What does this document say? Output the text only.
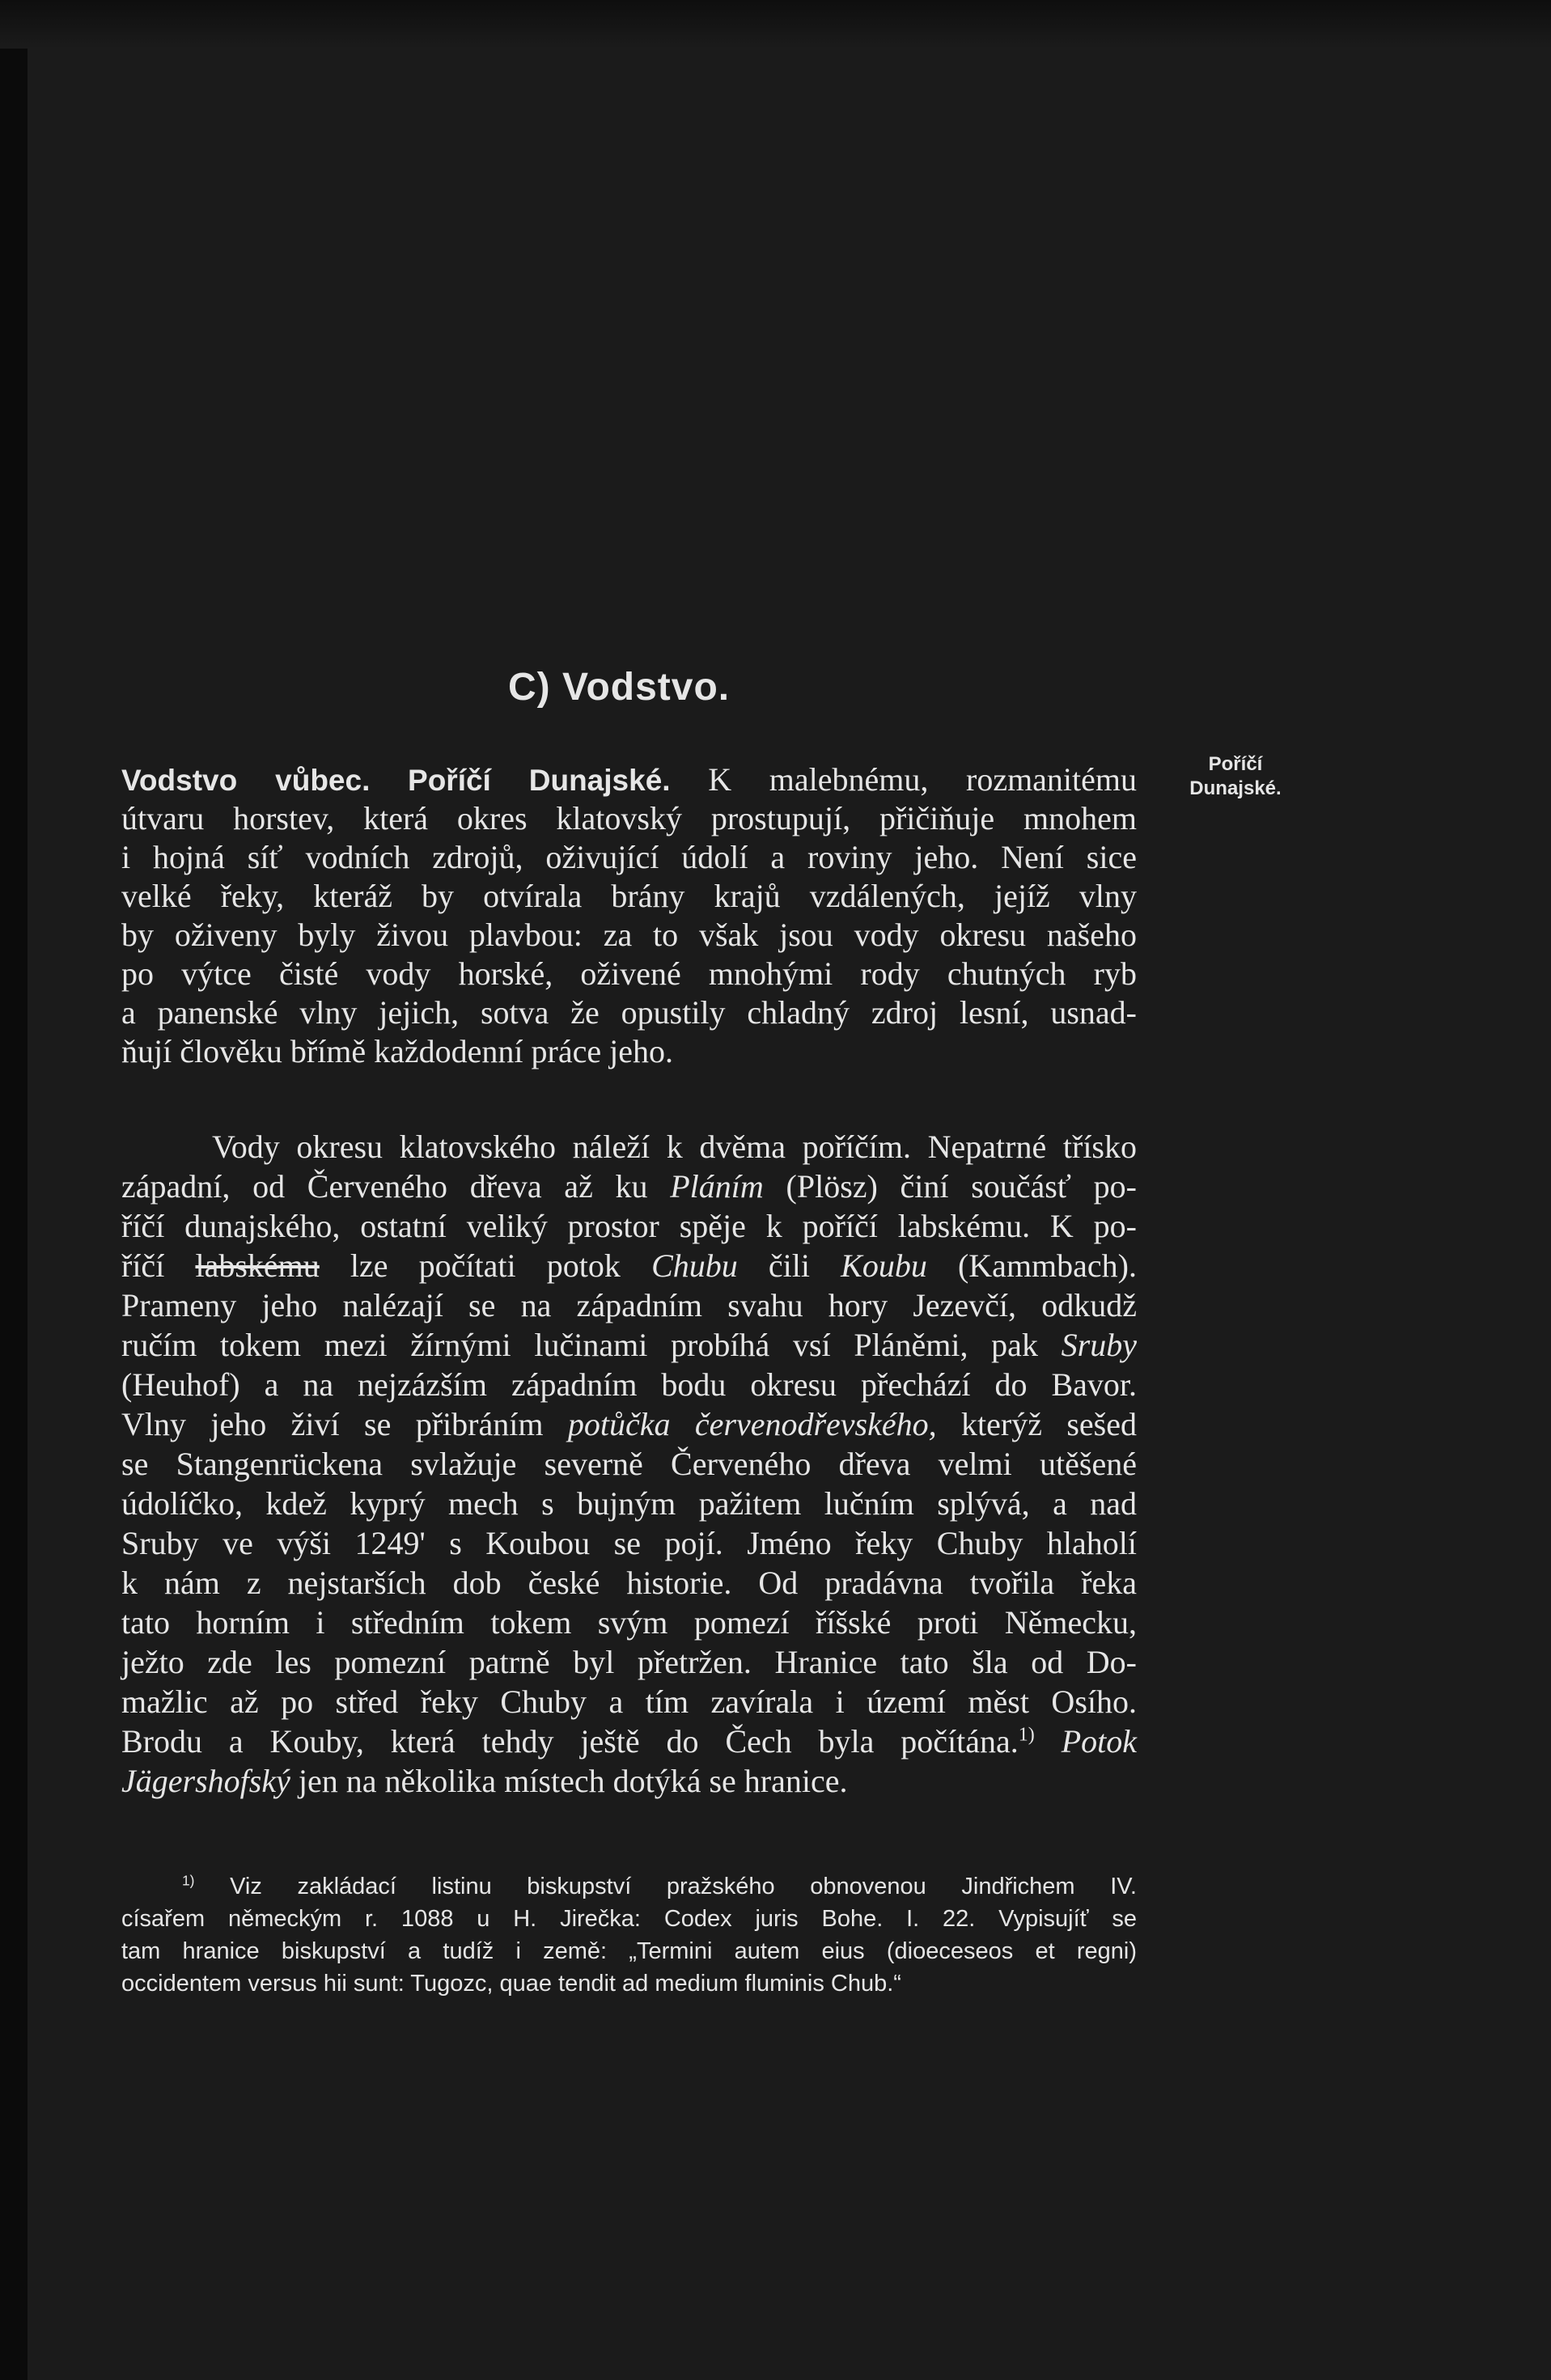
C) Vodstvo.
Poříčí
Dunajské.
Vodstvo vůbec. Poříčí Dunajské. K malebnému, rozmanitému
útvaru horstev, která okres klatovský prostupují, přičiňuje mnohem
i hojná síť vodních zdrojů, oživující údolí a roviny jeho. Není sice
velké řeky, kteráž by otvírala brány krajů vzdálených, jejíž vlny
by oživeny byly živou plavbou: za to však jsou vody okresu našeho
po výtce čisté vody horské, oživené mnohými rody chutných ryb
a panenské vlny jejich, sotva že opustily chladný zdroj lesní, usnad-
ňují člověku břímě každodenní práce jeho.
Vody okresu klatovského náleží k dvěma poříčím. Nepatrné třísko
západní, od Červeného dřeva až ku Pláním (Plösz) činí součásť po-
říčí dunajského, ostatní veliký prostor spěje k poříčí labskému. K po-
říčí labskému lze počítati potok Chubu čili Koubu (Kammbach).
Prameny jeho nalézají se na západním svahu hory Jezevčí, odkudž
ručím tokem mezi žírnými lučinami probíhá vsí Pláněmi, pak Sruby
(Heuhof) a na nejzázším západním bodu okresu přechází do Bavor.
Vlny jeho živí se přibráním potůčka červenodřevského, kterýž sešed
se Stangenrückena svlažuje severně Červeného dřeva velmi utěšené
údolíčko, kdež kyprý mech s bujným pažitem lučním splývá, a nad
Sruby ve výši 1249' s Koubou se pojí. Jméno řeky Chuby hlaholí
k nám z nejstarších dob české historie. Od pradávna tvořila řeka
tato horním i středním tokem svým pomezí říšské proti Německu,
ježto zde les pomezní patrně byl přetržen. Hranice tato šla od Do-
mažlic až po střed řeky Chuby a tím zavírala i území měst Osího.
Brodu a Kouby, která tehdy ještě do Čech byla počítána.$^{1)}$ Potok
Jägershofský jen na několika místech dotýká se hranice.
$^{1)}$ Viz zakládací listinu biskupství pražského obnovenou Jindřichem IV.
císařem německým r. 1088 u H. Jirečka: Codex juris Bohe. I. 22. Vypisujíť se
tam hranice biskupství a tudíž i země: „Termini autem eius (dioeceseos et regni)
occidentem versus hii sunt: Tugozc, quae tendit ad medium fluminis Chub.“
